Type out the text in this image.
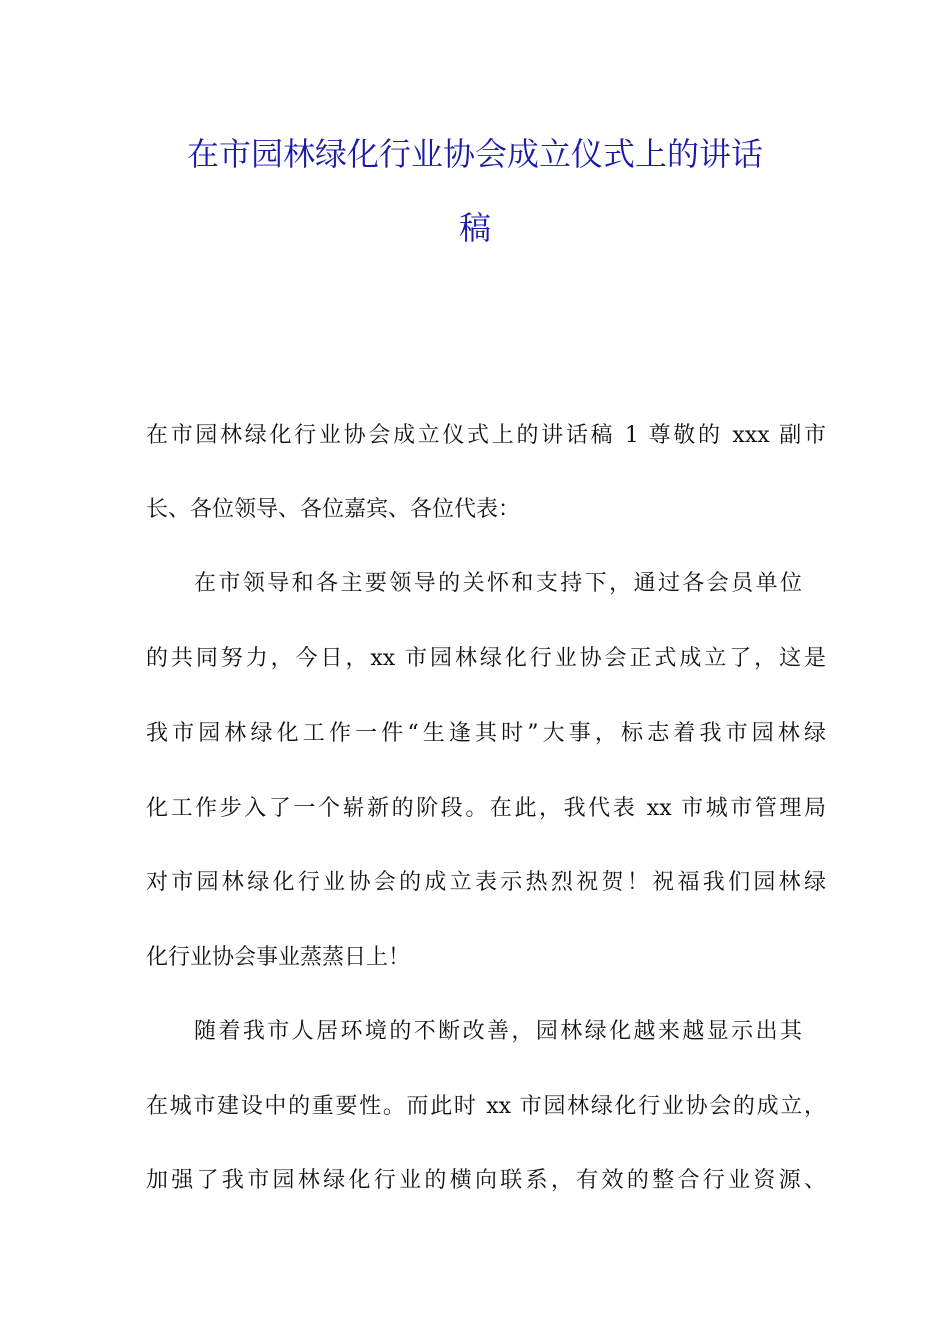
在市园林绿化行业协会成立仪式上的讲话
稿
在市园林绿化行业协会成立仪式上的讲话稿 1 尊敬的 xxx 副市
长、各位领导、各位嘉宾、各位代表：
在市领导和各主要领导的关怀和支持下，通过各会员单位
的共同努力，今日，xx 市园林绿化行业协会正式成立了，这是
我市园林绿化工作一件“生逢其时”大事，标志着我市园林绿
化工作步入了一个崭新的阶段。在此，我代表 xx 市城市管理局
对市园林绿化行业协会的成立表示热烈祝贺！祝福我们园林绿
化行业协会事业蒸蒸日上！
随着我市人居环境的不断改善，园林绿化越来越显示出其
在城市建设中的重要性。而此时 xx 市园林绿化行业协会的成立，
加强了我市园林绿化行业的横向联系，有效的整合行业资源、
